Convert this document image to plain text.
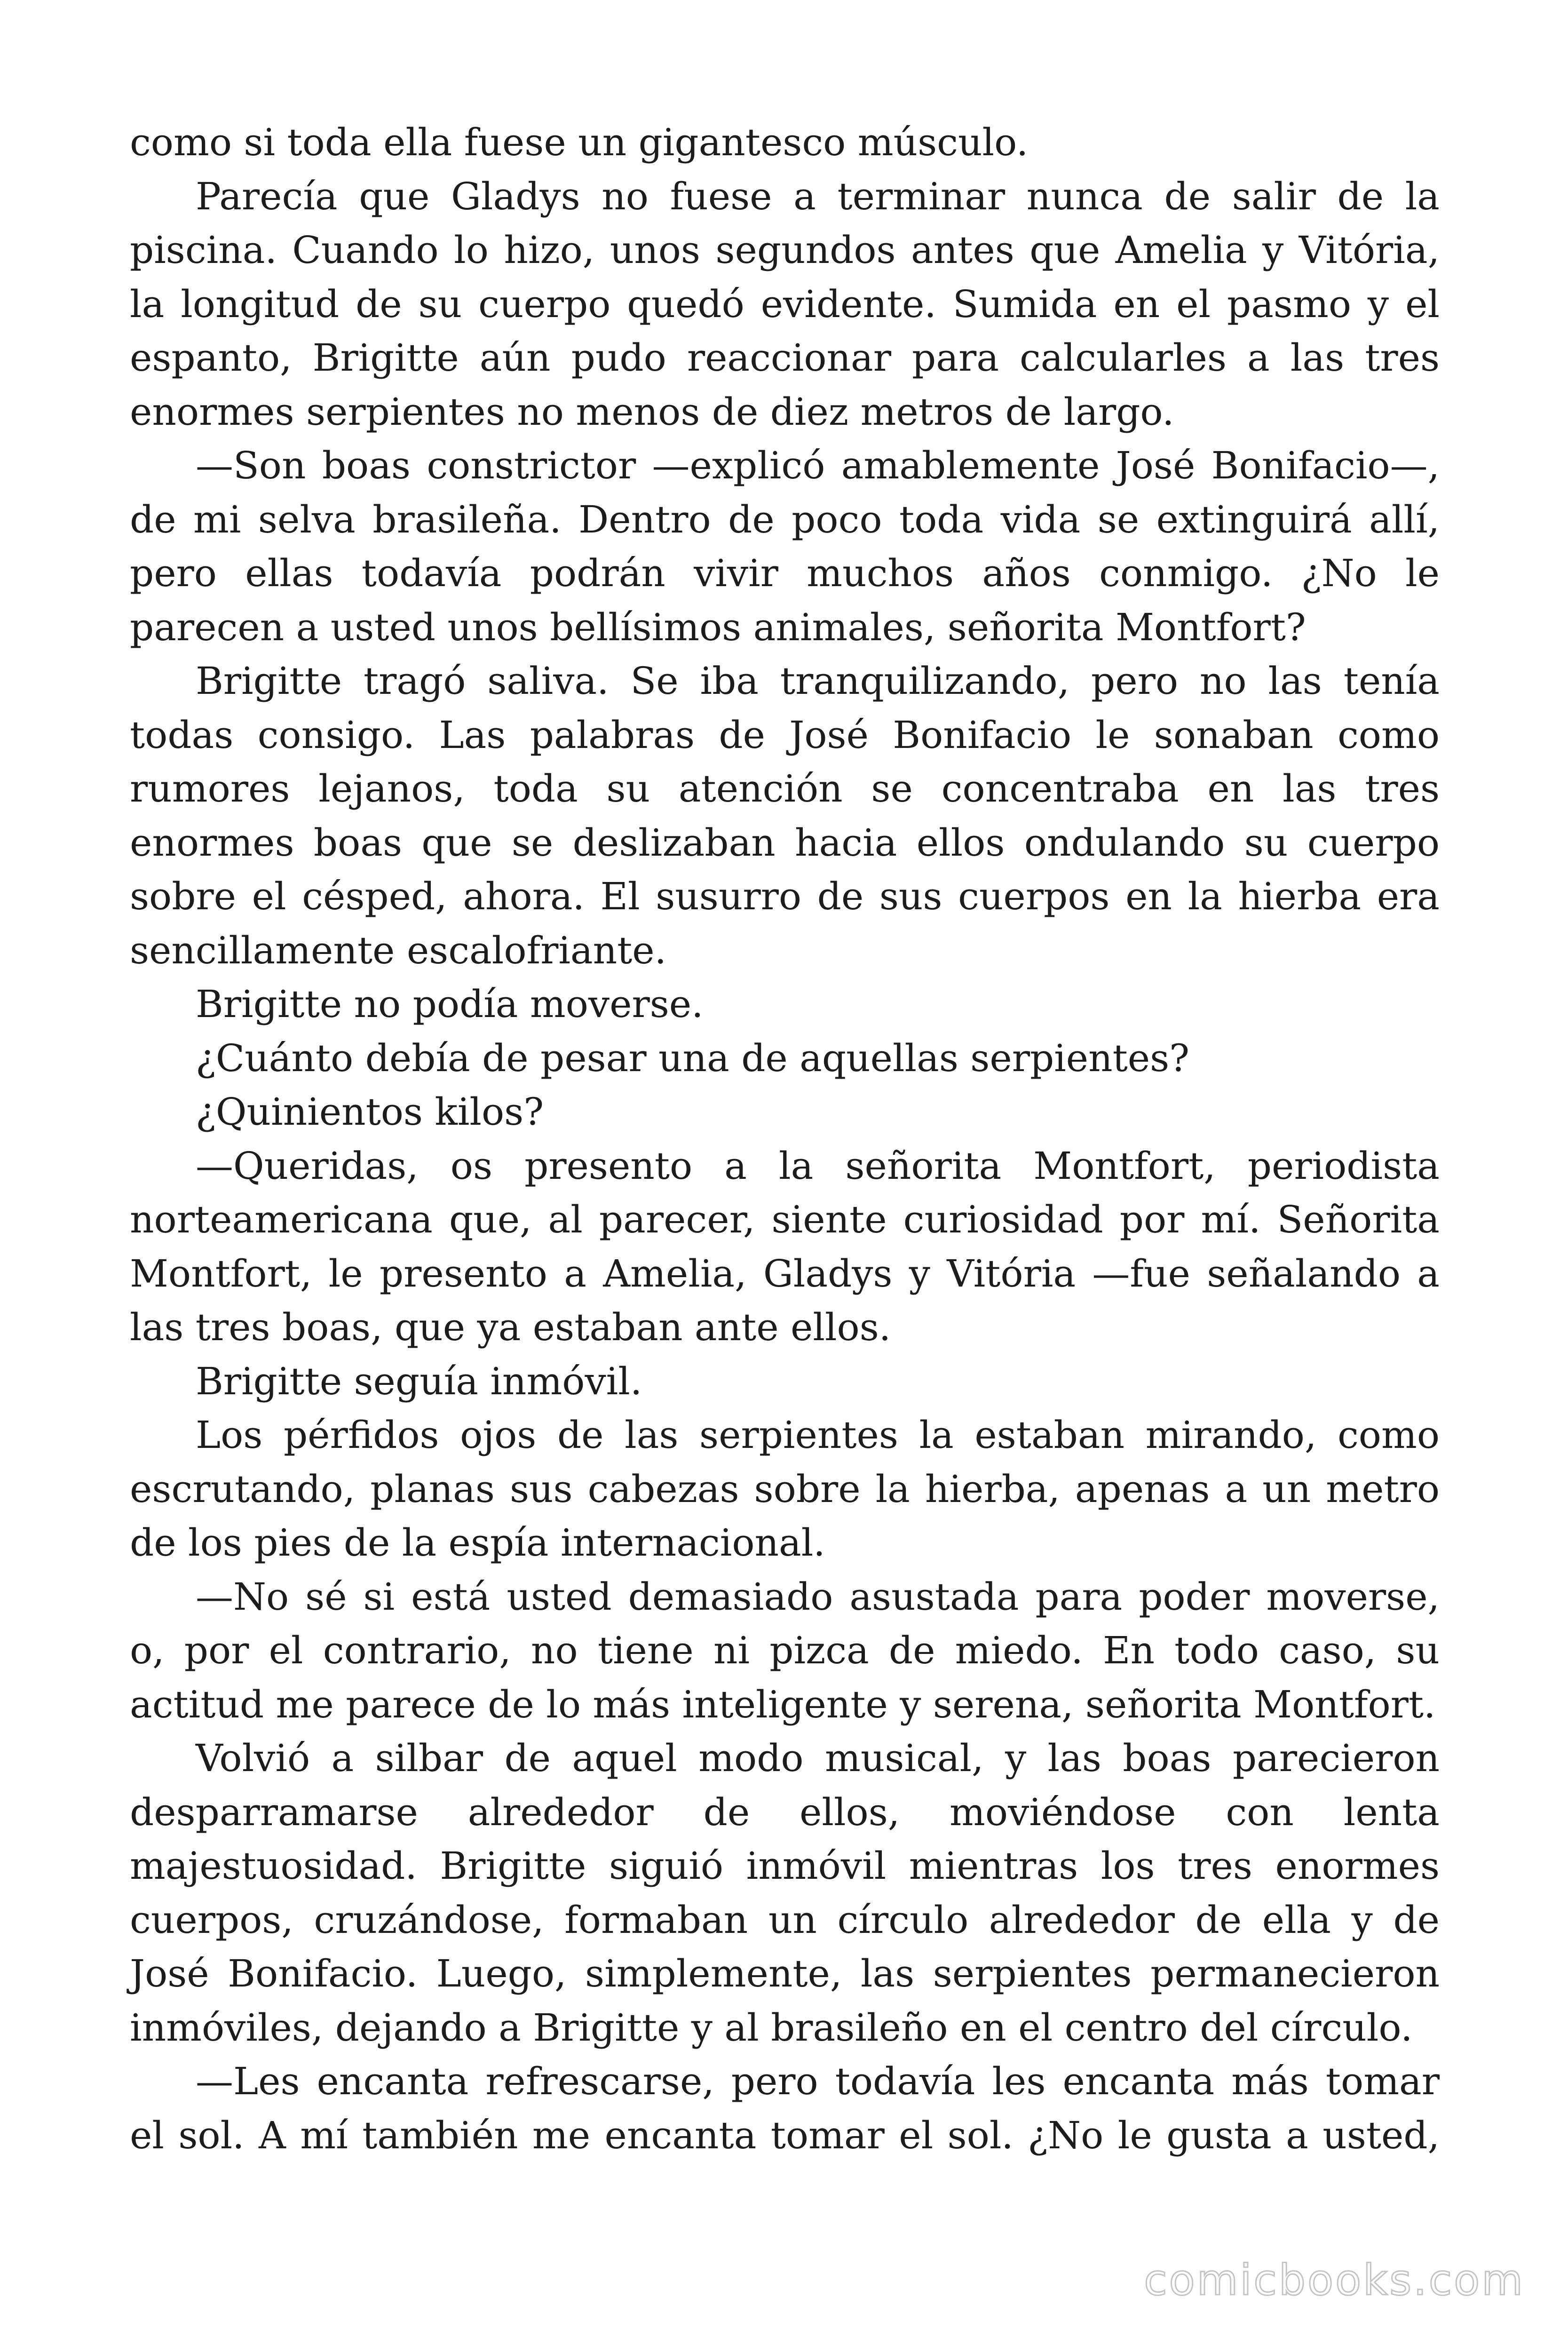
como si toda ella fuese un gigantesco músculo.

Parecía que Gladys no fuese a terminar nunca de salir de la piscina. Cuando lo hizo, unos segundos antes que Amelia y Vitória, la longitud de su cuerpo quedó evidente. Sumida en el pasmo y el espanto, Brigitte aún pudo reaccionar para calcularles a las tres enormes serpientes no menos de diez metros de largo.

—Son boas constrictor —explicó amablemente José Bonifacio—, de mi selva brasileña. Dentro de poco toda vida se extinguirá allí, pero ellas todavía podrán vivir muchos años conmigo. ¿No le parecen a usted unos bellísimos animales, señorita Montfort?

Brigitte tragó saliva. Se iba tranquilizando, pero no las tenía todas consigo. Las palabras de José Bonifacio le sonaban como rumores lejanos, toda su atención se concentraba en las tres enormes boas que se deslizaban hacia ellos ondulando su cuerpo sobre el césped, ahora. El susurro de sus cuerpos en la hierba era sencillamente escalofriante.

Brigitte no podía moverse.

¿Cuánto debía de pesar una de aquellas serpientes?

¿Quinientos kilos?

—Queridas, os presento a la señorita Montfort, periodista norteamericana que, al parecer, siente curiosidad por mí. Señorita Montfort, le presento a Amelia, Gladys y Vitória —fue señalando a las tres boas, que ya estaban ante ellos.

Brigitte seguía inmóvil.

Los pérfidos ojos de las serpientes la estaban mirando, como escrutando, planas sus cabezas sobre la hierba, apenas a un metro de los pies de la espía internacional.

—No sé si está usted demasiado asustada para poder moverse, o, por el contrario, no tiene ni pizca de miedo. En todo caso, su actitud me parece de lo más inteligente y serena, señorita Montfort.

Volvió a silbar de aquel modo musical, y las boas parecieron desparramarse alrededor de ellos, moviéndose con lenta majestuosidad. Brigitte siguió inmóvil mientras los tres enormes cuerpos, cruzándose, formaban un círculo alrededor de ella y de José Bonifacio. Luego, simplemente, las serpientes permanecieron inmóviles, dejando a Brigitte y al brasileño en el centro del círculo.

—Les encanta refrescarse, pero todavía les encanta más tomar el sol. A mí también me encanta tomar el sol. ¿No le gusta a usted,

comicbooks.com
